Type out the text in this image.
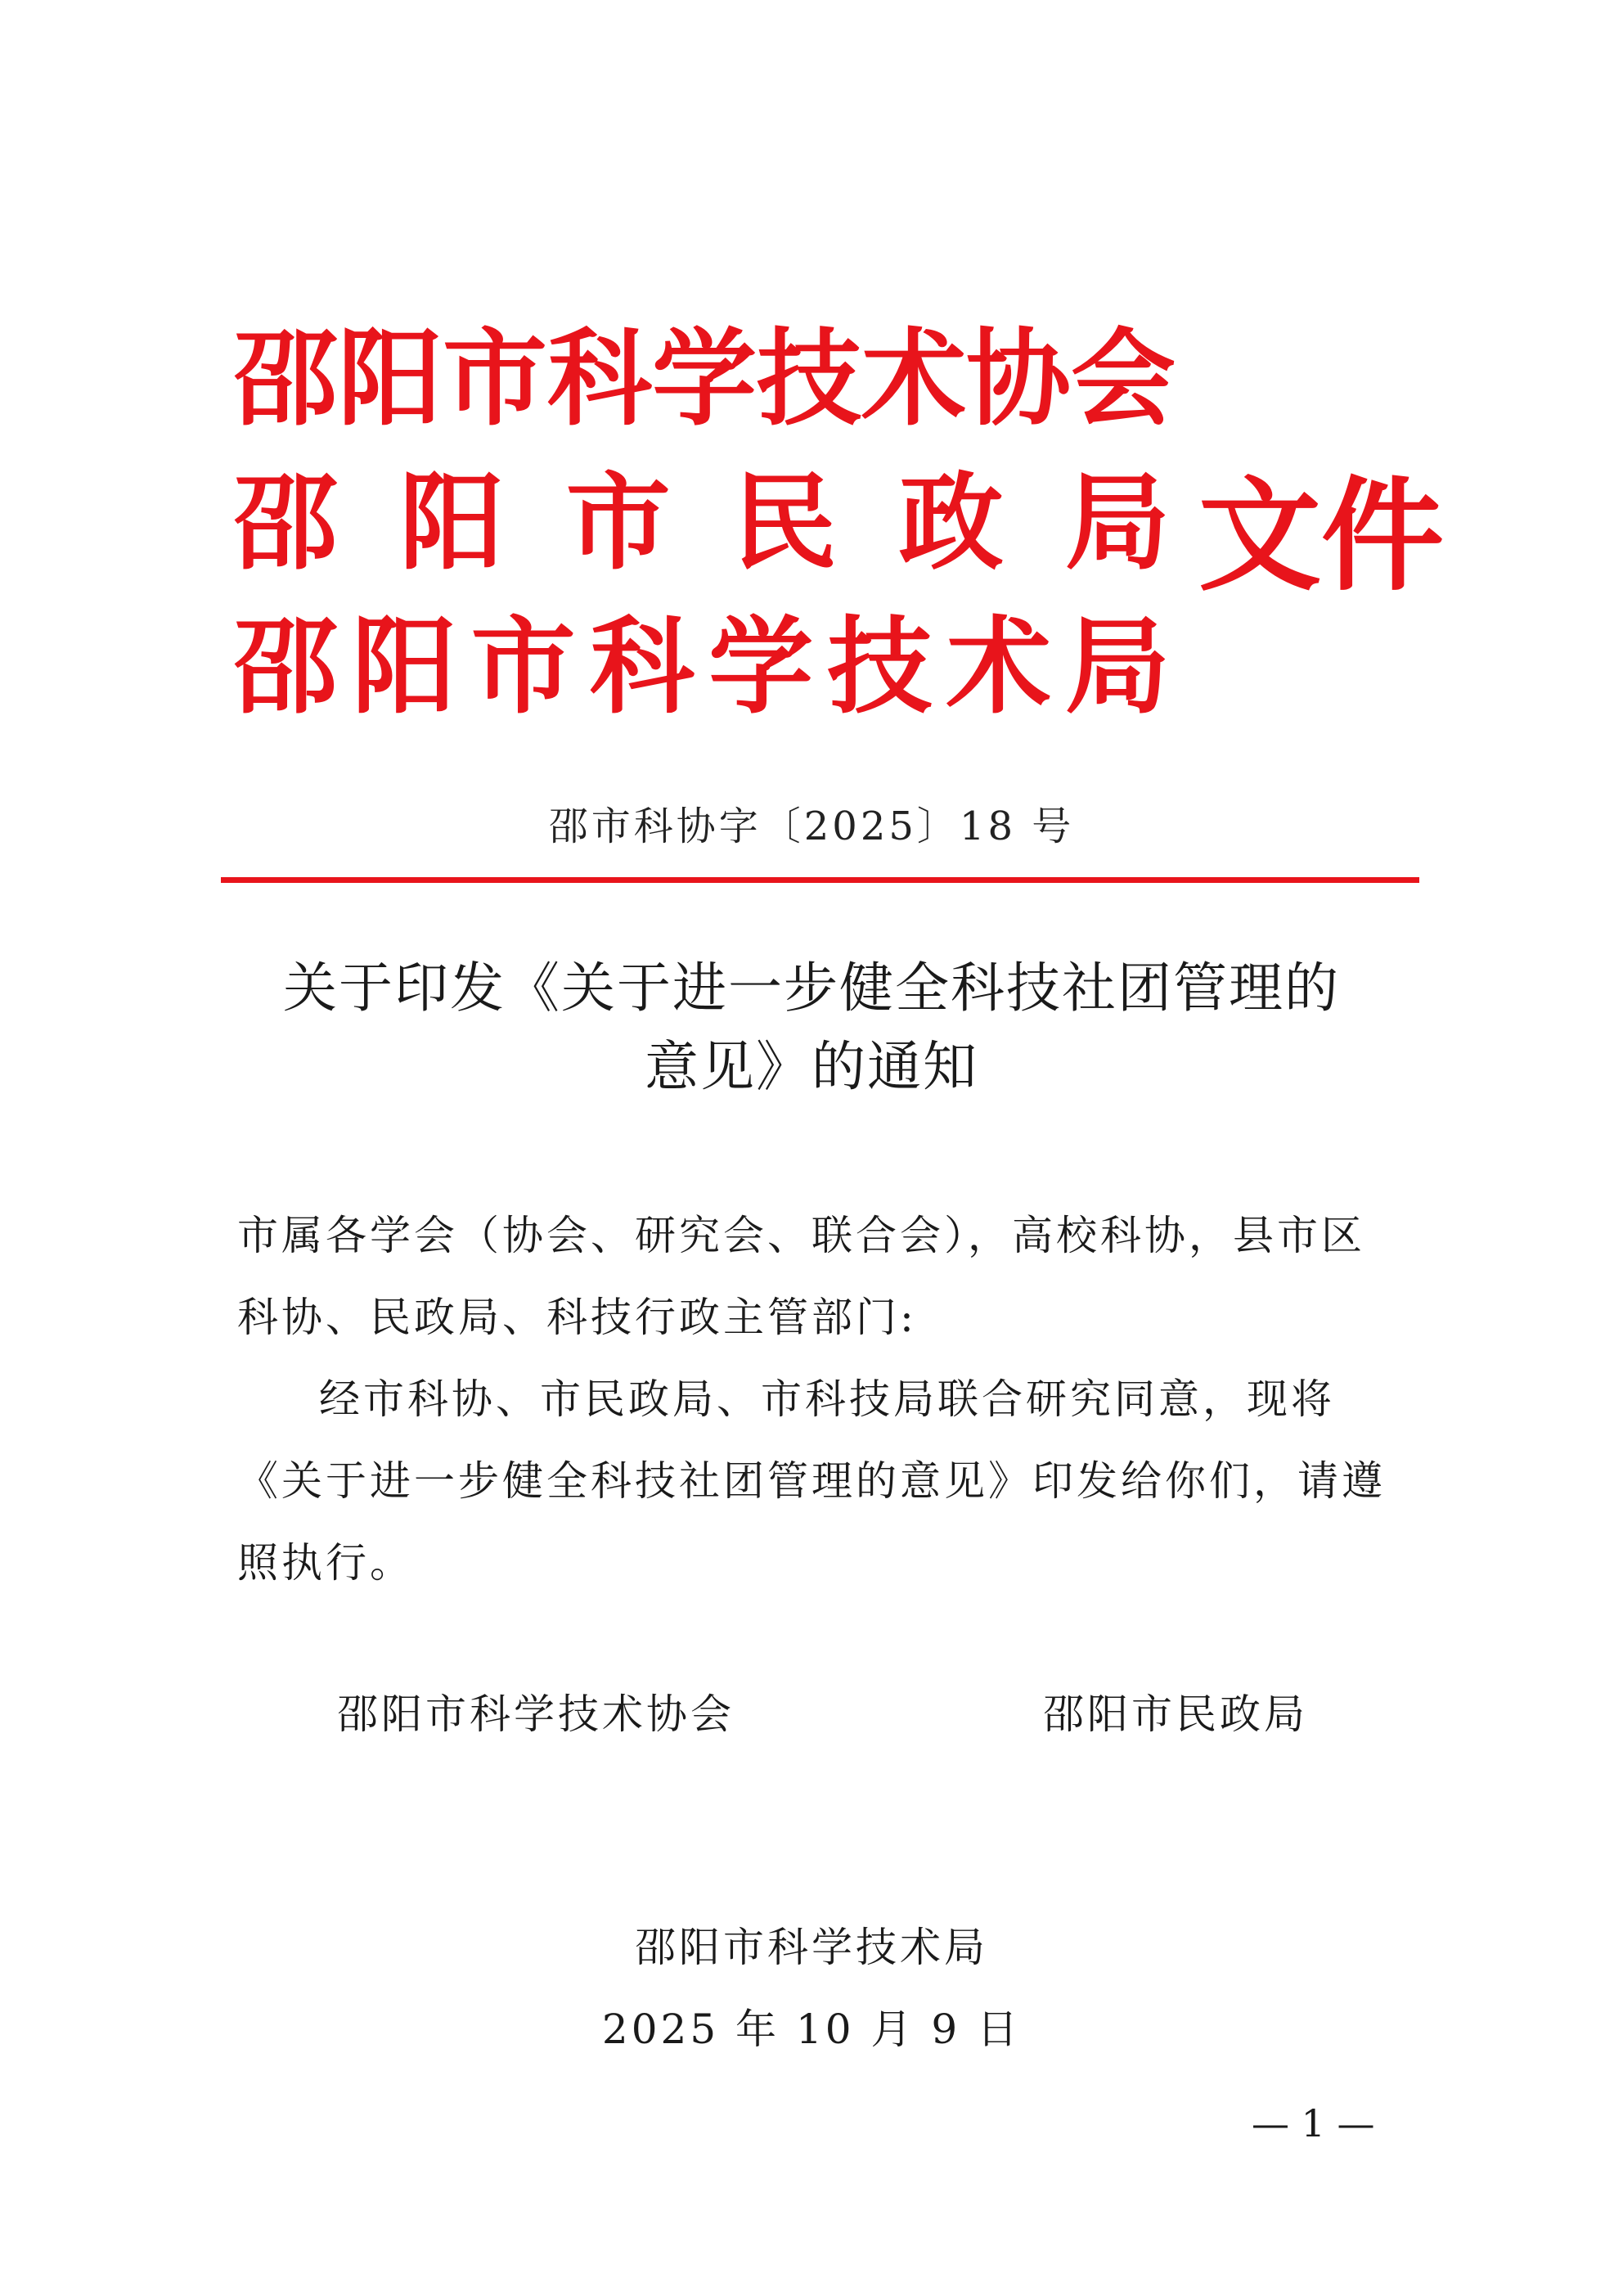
邵阳市科学技术协会
邵阳市民政局
邵阳市科学技术局
文件
邵市科协字〔2025〕18 号
关于印发《关于进一步健全科技社团管理的
意见》的通知

市属各学会（协会、研究会、联合会），高校科协，县市区科协、民政局、科技行政主管部门:

经市科协、市民政局、市科技局联合研究同意，现将《关于进一步健全科技社团管理的意见》印发给你们，请遵照执行。

邵阳市科学技术协会	邵阳市民政局
邵阳市科学技术局
2025 年 10 月 9 日
— 1 —
